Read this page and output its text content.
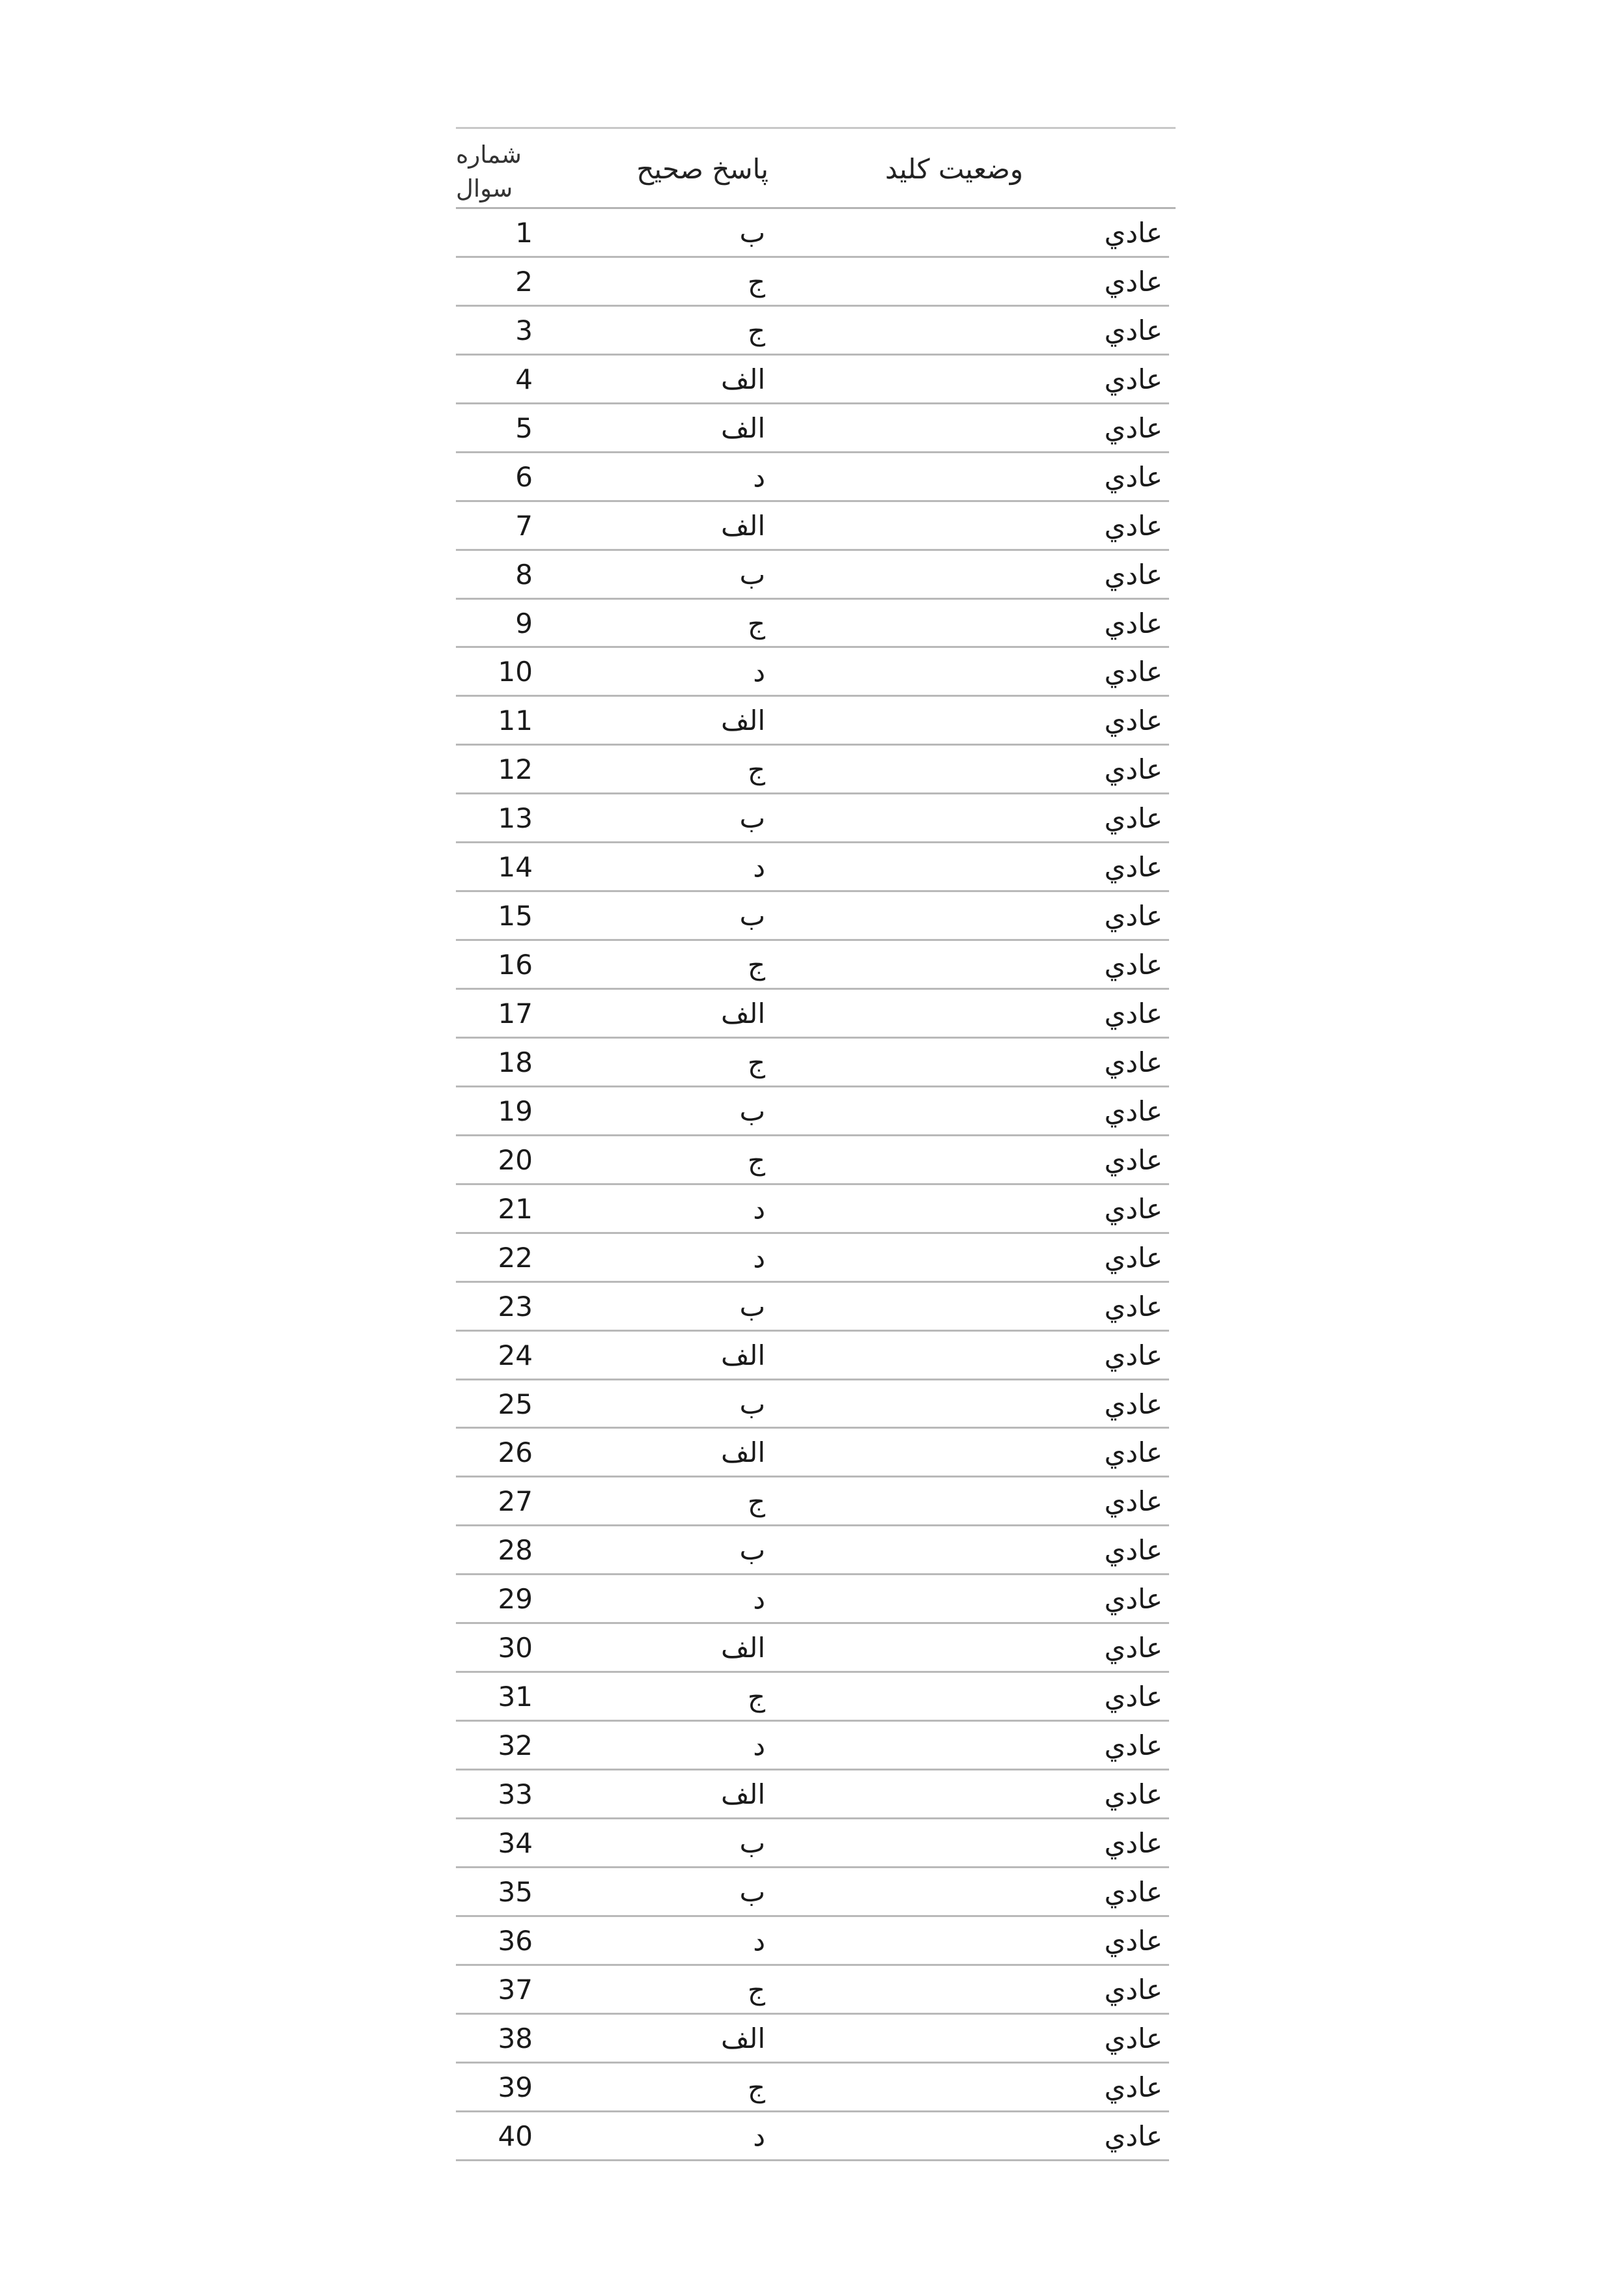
شماره
سوال
پاسخ صحيح	وضعيت كليد
1	ب	عادي
2	ج	عادي
3	ج	عادي
4	الف	عادي
5	الف	عادي
6	د	عادي
7	الف	عادي
8	ب	عادي
9	ج	عادي
10	د	عادي
11	الف	عادي
12	ج	عادي
13	ب	عادي
14	د	عادي
15	ب	عادي
16	ج	عادي
17	الف	عادي
18	ج	عادي
19	ب	عادي
20	ج	عادي
21	د	عادي
22	د	عادي
23	ب	عادي
24	الف	عادي
25	ب	عادي
26	الف	عادي
27	ج	عادي
28	ب	عادي
29	د	عادي
30	الف	عادي
31	ج	عادي
32	د	عادي
33	الف	عادي
34	ب	عادي
35	ب	عادي
36	د	عادي
37	ج	عادي
38	الف	عادي
39	ج	عادي
40	د	عادي
